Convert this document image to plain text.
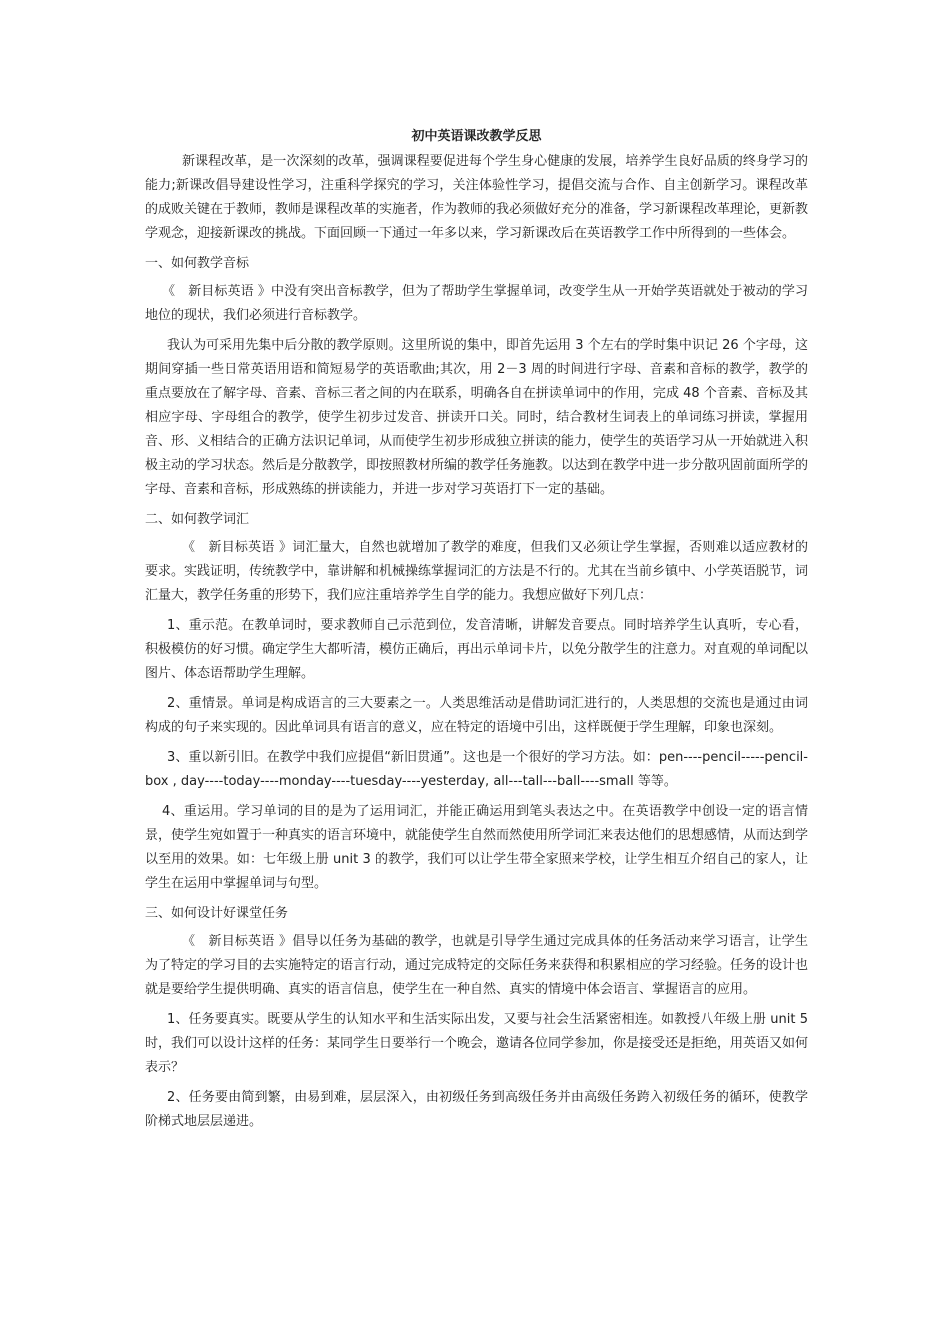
初中英语课改教学反思

新课程改革，是一次深刻的改革，强调课程要促进每个学生身心健康的发展，培养学生良好品质的终身学习的能力;新课改倡导建设性学习，注重科学探究的学习，关注体验性学习，提倡交流与合作、自主创新学习。课程改革的成败关键在于教师，教师是课程改革的实施者，作为教师的我必须做好充分的准备，学习新课程改革理论，更新教学观念，迎接新课改的挑战。下面回顾一下通过一年多以来，学习新课改后在英语教学工作中所得到的一些体会。

一、如何教学音标

《　新目标英语 》中没有突出音标教学，但为了帮助学生掌握单词，改变学生从一开始学英语就处于被动的学习地位的现状，我们必须进行音标教学。

我认为可采用先集中后分散的教学原则。这里所说的集中，即首先运用 3 个左右的学时集中识记 26 个字母，这期间穿插一些日常英语用语和简短易学的英语歌曲;其次，用 2－3 周的时间进行字母、音素和音标的教学，教学的重点要放在了解字母、音素、音标三者之间的内在联系，明确各自在拼读单词中的作用，完成 48 个音素、音标及其相应字母、字母组合的教学，使学生初步过发音、拼读开口关。同时，结合教材生词表上的单词练习拼读，掌握用音、形、义相结合的正确方法识记单词，从而使学生初步形成独立拼读的能力，使学生的英语学习从一开始就进入积极主动的学习状态。然后是分散教学，即按照教材所编的教学任务施教。以达到在教学中进一步分散巩固前面所学的字母、音素和音标，形成熟练的拼读能力，并进一步对学习英语打下一定的基础。

二、如何教学词汇

《　新目标英语 》词汇量大，自然也就增加了教学的难度，但我们又必须让学生掌握，否则难以适应教材的要求。实践证明，传统教学中，靠讲解和机械操练掌握词汇的方法是不行的。尤其在当前乡镇中、小学英语脱节，词汇量大，教学任务重的形势下，我们应注重培养学生自学的能力。我想应做好下列几点：

1、重示范。在教单词时，要求教师自己示范到位，发音清晰，讲解发音要点。同时培养学生认真听，专心看，积极模仿的好习惯。确定学生大都听清，模仿正确后，再出示单词卡片，以免分散学生的注意力。对直观的单词配以图片、体态语帮助学生理解。

2、重情景。单词是构成语言的三大要素之一。人类思维活动是借助词汇进行的，人类思想的交流也是通过由词构成的句子来实现的。因此单词具有语言的意义，应在特定的语境中引出，这样既便于学生理解，印象也深刻。

3、重以新引旧。在教学中我们应提倡“新旧贯通”。这也是一个很好的学习方法。如：pen----pencil-----pencil-box , day----today----monday----tuesday----yesterday, all---tall---ball----small 等等。

4、重运用。学习单词的目的是为了运用词汇，并能正确运用到笔头表达之中。在英语教学中创设一定的语言情景，使学生宛如置于一种真实的语言环境中，就能使学生自然而然使用所学词汇来表达他们的思想感情，从而达到学以至用的效果。如：七年级上册 unit 3 的教学，我们可以让学生带全家照来学校，让学生相互介绍自己的家人，让学生在运用中掌握单词与句型。

三、如何设计好课堂任务

《　新目标英语 》倡导以任务为基础的教学，也就是引导学生通过完成具体的任务活动来学习语言，让学生为了特定的学习目的去实施特定的语言行动，通过完成特定的交际任务来获得和积累相应的学习经验。任务的设计也就是要给学生提供明确、真实的语言信息，使学生在一种自然、真实的情境中体会语言、掌握语言的应用。

1、任务要真实。既要从学生的认知水平和生活实际出发，又要与社会生活紧密相连。如教授八年级上册 unit 5 时，我们可以设计这样的任务：某同学生日要举行一个晚会，邀请各位同学参加，你是接受还是拒绝，用英语又如何表示？

2、任务要由简到繁，由易到难，层层深入，由初级任务到高级任务并由高级任务跨入初级任务的循环，使教学阶梯式地层层递进。
